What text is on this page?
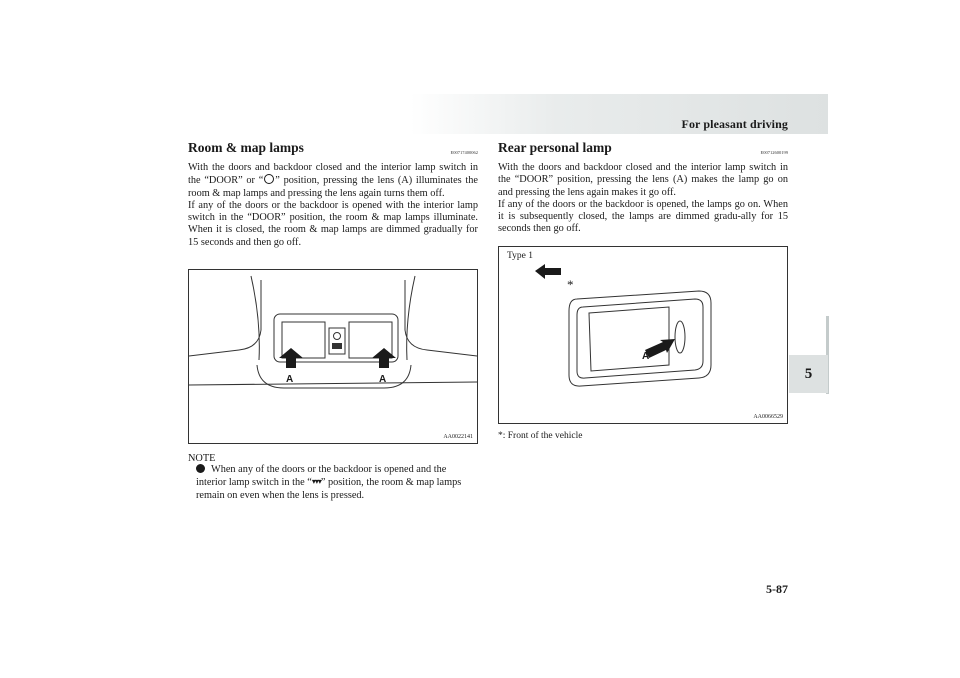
For pleasant driving
5
Room & map lamps	E00717400062

With the doors and backdoor closed and the interior lamp switch in the “DOOR” or “ ” position, pressing the lens (A) illuminates the room & map lamps and pressing the lens again turns them off.

If any of the doors or the backdoor is opened with the interior lamp switch in the “DOOR” position, the room & map lamps illuminate. When it is closed, the room & map lamps are dimmed gradually for 15 seconds and then go off.

A	A
AA0022141
NOTE
When any of the doors or the backdoor is opened and the interior lamp switch in the “▾▾▾” position, the room & map lamps remain on even when the lens is pressed.
Rear personal lamp	E00712600199

With the doors and backdoor closed and the interior lamp switch in the “DOOR” position, pressing the lens (A) makes the lamp go on and pressing the lens again makes it go off.

If any of the doors or the backdoor is opened, the lamps go on. When it is subsequently closed, the lamps are dimmed gradu-ally for 15 seconds then go off.

Type 1
*
A
AA0066529
*: Front of the vehicle
5-87
